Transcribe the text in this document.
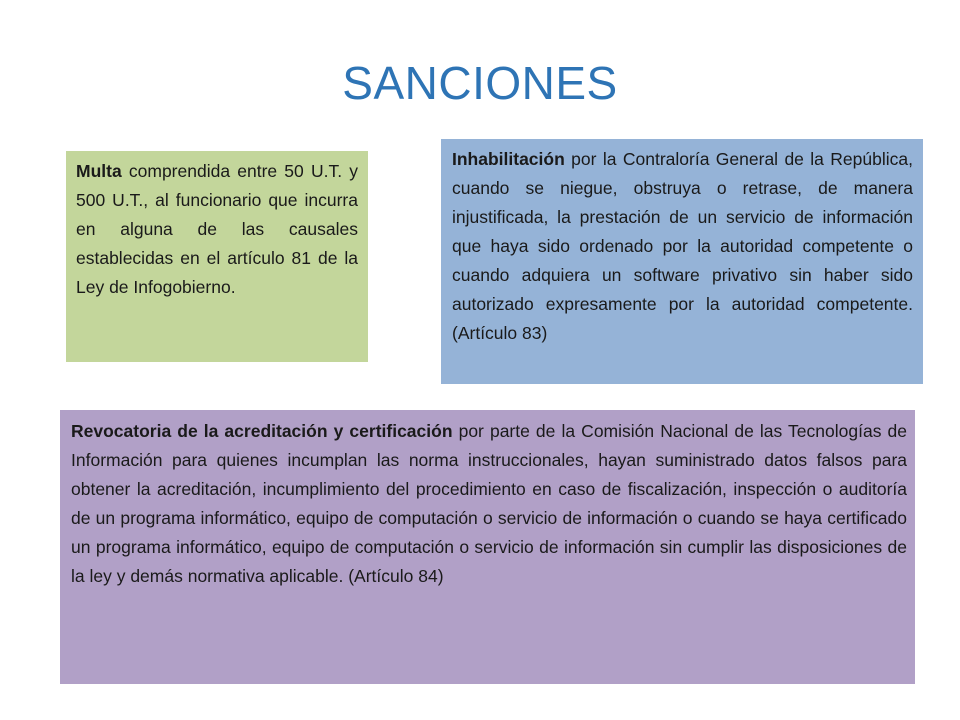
SANCIONES

Multa comprendida entre 50 U.T. y 500 U.T., al funcionario que incurra en alguna de las causales establecidas en el artículo 81 de la Ley de Infogobierno.

Inhabilitación por la Contraloría General de la República, cuando se niegue, obstruya o retrase, de manera injustificada, la prestación de un servicio de información que haya sido ordenado por la autoridad competente o cuando adquiera un software privativo sin haber sido autorizado expresamente por la autoridad competente. (Artículo 83)

Revocatoria de la acreditación y certificación por parte de la Comisión Nacional de las Tecnologías de Información para quienes incumplan las norma instruccionales, hayan suministrado datos falsos para obtener la acreditación, incumplimiento del procedimiento en caso de fiscalización, inspección o auditoría de un programa informático, equipo de computación o servicio de información o cuando se haya certificado un programa informático, equipo de computación o servicio de información sin cumplir las disposiciones de la ley y demás normativa aplicable. (Artículo 84)
